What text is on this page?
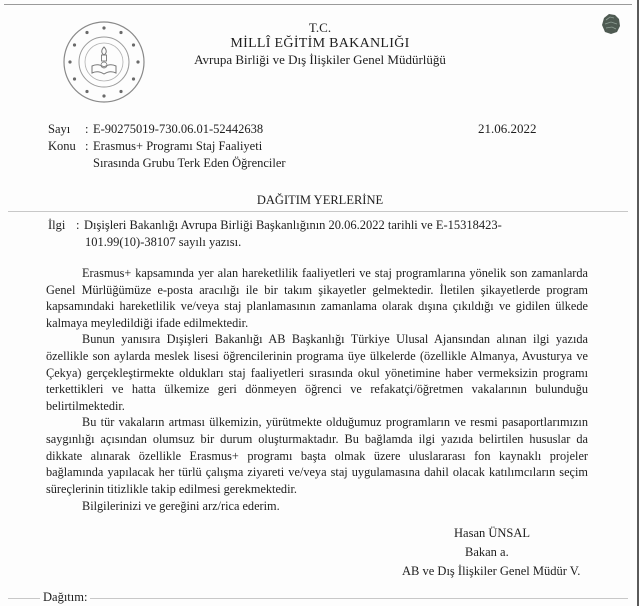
T.C.
MİLLÎ EĞİTİM BAKANLIĞI
Avrupa Birliği ve Dış İlişkiler Genel Müdürlüğü
Sayı	: E-90275019-730.06.01-52442638
Konu : Erasmus+ Programı Staj Faaliyeti
Sırasında Grubu Terk Eden Öğrenciler
21.06.2022
DAĞITIM YERLERİNE
İlgi : Dışişleri Bakanlığı Avrupa Birliği Başkanlığının 20.06.2022 tarihli ve E-15318423-
101.99(10)-38107 sayılı yazısı.

Erasmus+ kapsamında yer alan hareketlilik faaliyetleri ve staj programlarına yönelik son zamanlarda Genel Mürlüğümüze e-posta aracılığı ile bir takım şikayetler gelmektedir. İletilen şikayetlerde program kapsamındaki hareketlilik ve/veya staj planlamasının zamanlama olarak dışına çıkıldığı ve gidilen ülkede kalmaya meyledildiği ifade edilmektedir.

Bunun yanısıra Dışişleri Bakanlığı AB Başkanlığı Türkiye Ulusal Ajansından alınan ilgi yazıda özellikle son aylarda meslek lisesi öğrencilerinin programa üye ülkelerde (özellikle Almanya, Avusturya ve Çekya) gerçekleştirmekte oldukları staj faaliyetleri sırasında okul yönetimine haber vermeksizin programı terkettikleri ve hatta ülkemize geri dönmeyen öğrenci ve refakatçi/öğretmen vakalarının bulunduğu belirtilmektedir.

Bu tür vakaların artması ülkemizin, yürütmekte olduğumuz programların ve resmi pasaportlarımızın saygınlığı açısından olumsuz bir durum oluşturmaktadır. Bu bağlamda ilgi yazıda belirtilen hususlar da dikkate alınarak özellikle Erasmus+ programı başta olmak üzere uluslararası fon kaynaklı projeler bağlamında yapılacak her türlü çalışma ziyareti ve/veya staj uygulamasına dahil olacak katılımcıların seçim süreçlerinin titizlikle takip edilmesi gerekmektedir.

Bilgilerinizi ve gereğini arz/rica ederim.

Hasan ÜNSAL
Bakan a.
AB ve Dış İlişkiler Genel Müdür V.
Dağıtım:
